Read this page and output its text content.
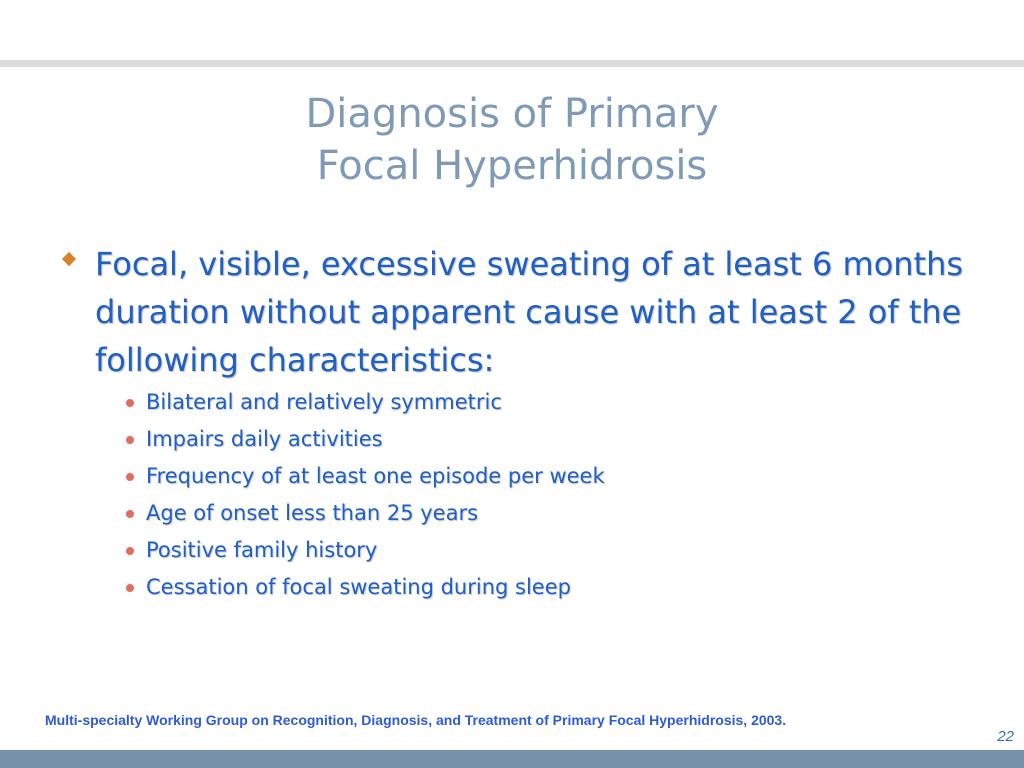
Diagnosis of Primary
Focal Hyperhidrosis
Focal, visible, excessive sweating of at least 6 months duration without apparent cause with at least 2 of the following characteristics:
Bilateral and relatively symmetric
Impairs daily activities
Frequency of at least one episode per week
Age of onset less than 25 years
Positive family history
Cessation of focal sweating during sleep
Multi-specialty Working Group on Recognition, Diagnosis, and Treatment of Primary Focal Hyperhidrosis, 2003.
22
